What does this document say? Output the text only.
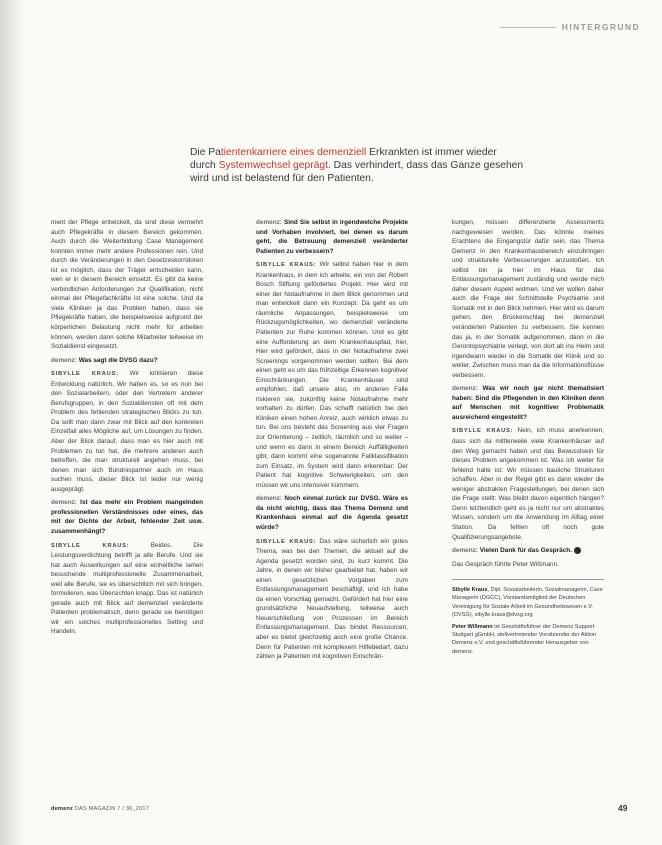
HINTERGRUND
Die Patientenkarriere eines demenziell Erkrankten ist immer wieder durch Systemwechsel geprägt. Das verhindert, dass das Ganze gesehen wird und ist belastend für den Patienten.

ment der Pflege entwickelt, da sind diese vermehrt auch Pflegekräfte in diesem Bereich gekommen. Auch durch die Weiterbildung Case Management konnten immer mehr andere Professionen rein. Und durch die Veränderungen in den Gesetzeskorridoren ist es möglich, dass der Träger entscheiden kann, wen er in diesem Bereich einsetzt. Es gibt da keine verbindlichen Anforderungen zur Qualifikation, nicht einmal der Pflegefachkräfte ist eine solche. Und da viele Kliniken ja das Problem haben, dass sie Pflegekräfte haben, die beispielsweise aufgrund der körperlichen Belastung nicht mehr für arbeiten können, werden dann solche Mitarbeiter teilweise im Sozialdienst eingesetzt.

demenz: Was sagt die DVSG dazu?

SIBYLLE KRAUS: Wir kritisieren diese Entwicklung natürlich. Wir haben es, so es nun bei den Sozialarbeitern, oder den Vertretern anderer Berufsgruppen, in den Sozialdiensten oft mit dem Problem des fehlenden strategischen Blicks zu tun. Da sollt man dann zwar mit Blick auf den konkreten Einzelfall alles Mögliche auf, um Lösungen zu finden. Aber der Blick darauf, dass man es hier auch mit Problemen zu tun hat, die mehrere anderen auch betreffen, die man strukturell angehen muss, bei denen man sich Bündnispartner auch im Haus suchen muss, dieser Blick ist leider nur wenig ausgeprägt.

demenz: Ist das mehr ein Problem mangelnden professionellen Verständnisses oder eines, das mit der Dichte der Arbeit, fehlender Zeit usw. zusammenhängt?

SIBYLLE KRAUS: Beides. Die Leistungsverdichtung betrifft ja alle Berufe. Und sie hat auch Auswirkungen auf eine einheitliche sehen besuchende multiprofessionelle Zusammenarbeit, weil alle Berufe, sie es übersichtlich mit sich bringen, formulieren, was Übersichten knapp. Das ist natürlich gerade auch mit Blick auf demenziell veränderte Patienten problematisch, denn gerade sie benötigen wir ein solches multiprofessionelles Setting und Handeln.

demenz: Sind Sie selbst in irgendwelche Projekte und Vorhaben involviert, bei denen es darum geht, die Betreuung demenziell veränderter Patienten zu verbessern?

SIBYLLE KRAUS: Wir selbst haben hier in dem Krankenhaus, in dem ich arbeite, ein von der Robert Bosch Stiftung gefördertes Projekt. Hier wird mit einer der Notaufnahme in dem Blick genommen und man entwickelt dann ein Konzept. Da geht es um räumliche Anpassungen, beispielsweise um Rückzugsmöglichkeiten, wo demenziell veränderte Patienten zur Ruhe kommen können. Und es gibt eine Aufforderung an dem Krankenhauspfad, hier, Hier wird gefördert, dass in der Notaufnahme zwei Screenings vorgenommen werden sollten. Bei dem einen geht es um das frühzeitige Erkennen kognitiver Einschränkungen. Die Krankenhäuser sind empfohlen, daß unsere also, im anderen Falle riskieren sie, zukünftig keine Notaufnahme mehr vorhalten zu dürfen. Das schafft natürlich bei den Kliniken einen hohen Anreiz, auch wirklich etwas zu tun. Bei uns besteht das Screening aus vier Fragen zur Orientierung – zeitlich, räumlich und so weiter – und wenn es dann in einem Bereich Auffälligkeiten gibt, dann kommt eine sogenannte Fallklassifikation zum Einsatz, im System wird dann erkennbar: Der Patient hat kognitive Schwierigkeiten, um den müssen wir uns intensiver kümmern.

demenz: Noch einmal zurück zur DVSG. Wäre es da nicht wichtig, dass das Thema Demenz und Krankenhaus einmal auf die Agenda gesetzt würde?

SIBYLLE KRAUS: Das wäre sicherlich ein gutes Thema, was bei den Themen, die aktuell auf die Agenda gesetzt worden sind, zu kurz kommt. Die Jahre, in denen wir bisher gearbeitet hat, haben wir einen gesetzlichen Vorgaben zum Entlassungsmanagement beschäftigt, und ich habe da einen Vorschlag gemacht. Gefördert hat hier eine grundsätzliche Neuaufstellung, teilweise auch Neuerschließung von Prozessen im Bereich Entlassungsmanagement. Das bindet Ressourcen, aber es bietet gleichzeitig auch eine große Chance. Denn für Patienten mit komplexem Hilfebedarf, dazu zählen ja Patienten mit kognitiven Einschrän-

kungen, müssen differenzierte Assessments nachgewiesen werden. Das könnte meines Erachtens die Eingangstür dafür sein, das Thema Demenz in den Krankenhausbereich einzubringen und strukturelle Verbesserungen anzustoßen. Ich selbst bin ja hier im Haus für das Entlassungsmanagement zuständig und werde mich daher diesem Aspekt widmen. Und wir wollen daher auch die Frage der Schnittstelle Psychiatrie und Somatik mit in den Blick nehmen. Hier wird es darum gehen, den Brückenschlag bei demenziell veränderten Patienten zu verbessern. Sie kennen das ja, in der Somatik aufgenommen, dann in die Gerontopsychiatrie verlegt, von dort ab ins Heim und irgendwann wieder in die Somatik der Klinik und so weiter. Zwischen muss man da die Informationsflüsse verbessern.

demenz: Was wir noch gar nicht thematisiert haben: Sind die Pflegenden in den Kliniken denn auf Menschen mit kognitiver Problematik ausreichend eingestellt?

SIBYLLE KRAUS: Nein, ich muss anerkennen, dass sich da mittlerweile viele Krankenhäuser auf den Weg gemacht haben und das Bewusstsein für dieses Problem angekommen ist. Was ich weiter für fehlend halte ist: Wir müssen bauliche Strukturen schaffen. Aber in der Regel gibt es dann wieder die weniger abstrakten Fragestellungen, bei denen sich die Frage stellt: Was bleibt davon eigentlich hängen? Denn letztendlich geht es ja nicht nur um abstraktes Wissen, sondern um die Anwendung im Alltag einer Station. Da fehlen oft noch gute Qualifizierungsangebote.

demenz: Vielen Dank für das Gespräch.

Das Gespräch führte Peter Wißmann.

Sibylle Kraus, Dipl. Sozialarbeiterin, Sozialmanagerin, Case Managerin (DGCC), Vorstandsmitglied der Deutschen Vereinigung für Soziale Arbeit im Gesundheitswesen e.V. (DVSG), sibylle.kraus@dvsg.org

Peter Wißmann ist Geschäftsführer der Demenz Support Stuttgart gGmbH, stellvertretender Vorsitzender der Aktion Demenz e.V. und geschäftsführender Herausgeber von demenz.

demenz DAS MAGAZIN 7 / 36_2017	49
